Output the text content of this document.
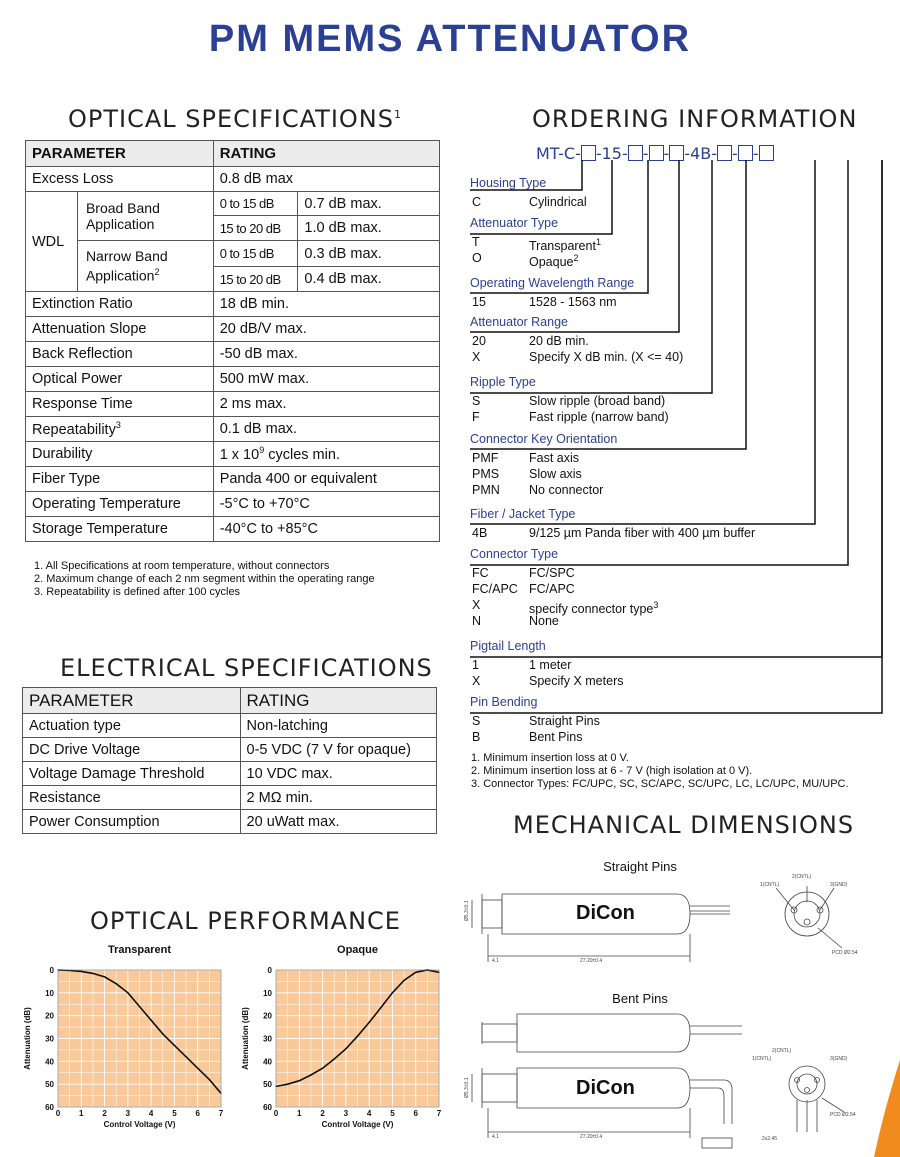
PM MEMS ATTENUATOR
OPTICAL SPECIFICATIONS$^1$
PARAMETER		RATING	
Excess Loss		0.8 dB max	
WDL	Broad Band Application	0 to 15 dB	0.7 dB max.
		15 to 20 dB	1.0 dB max.
	Narrow Band Application$^2$	0 to 15 dB	0.3 dB max.
		15 to 20 dB	0.4 dB max.
Extinction Ratio		18 dB min.	
Attenuation Slope		20 dB/V max.	
Back Reflection		-50 dB max.	
Optical Power		500 mW max.	
Response Time		2 ms max.	
Repeatability$^3$		0.1 dB max.	
Durability		1 x $10^9$ cycles min.	
Fiber Type		Panda 400 or equivalent	
Operating Temperature		-5°C to +70°C	
Storage Temperature		-40°C to +85°C	
1. All Specifications at room temperature, without connectors
2. Maximum change of each 2 nm segment within the operating range
3. Repeatability is defined after 100 cycles
ELECTRICAL SPECIFICATIONS
PARAMETER	RATING
Actuation type	Non-latching
DC Drive Voltage	0-5 VDC (7 V for opaque)
Voltage Damage Threshold	10 VDC max.
Resistance	2 MΩ min.
Power Consumption	20 uWatt max.
ORDERING INFORMATION
MT-C- -15- - - -4B- - -
Housing Type
C	Cylindrical
Attenuator Type
T	Transparent$^1$
O	Opaque$^2$
Operating Wavelength Range
15	1528 - 1563 nm
Attenuator Range
20	20 dB min.
X	Specify X dB min. (X <= 40)
Ripple Type
S	Slow ripple (broad band)
F	Fast ripple (narrow band)
Connector Key Orientation
PMF Fast axis
PMS Slow axis
PMN No connector
Fiber / Jacket Type
4B	9/125 µm Panda fiber with 400 µm buffer
Connector Type
FC	FC/SPC
FC/APC FC/APC
X	specify connector type$^3$
N	None
Pigtail Length
1	1 meter
X	Specify X meters
Pin Bending
S	Straight Pins
B	Bent Pins
1. Minimum insertion loss at 0 V.
2. Minimum insertion loss at 6 - 7 V (high isolation at 0 V).
3. Connector Types: FC/UPC, SC, SC/APC, SC/UPC, LC, LC/UPC, MU/UPC.
MECHANICAL DIMENSIONS
Straight Pins
Bent Pins
Ø5.3±0.1
27.20±0.4
4.1
1(CNTL)
2(CNTL)
3(GND)
PCD Ø2.54
DiCon
Ø5.3±0.1
27.20±0.4
4.1
1(CNTL)
2(CNTL)
3(GND)
PCD Ø2.54
2x2.45
DiCon
OPTICAL PERFORMANCE
Transparent
0 1 2 3 4 5 6 7
0
10
20
30
40
50
60
Control Voltage (V)
Attenuation (dB)
Opaque
0 1 2 3 4 5 6 7
0
10
20
30
40
50
60
Control Voltage (V)
Attenuation (dB)
